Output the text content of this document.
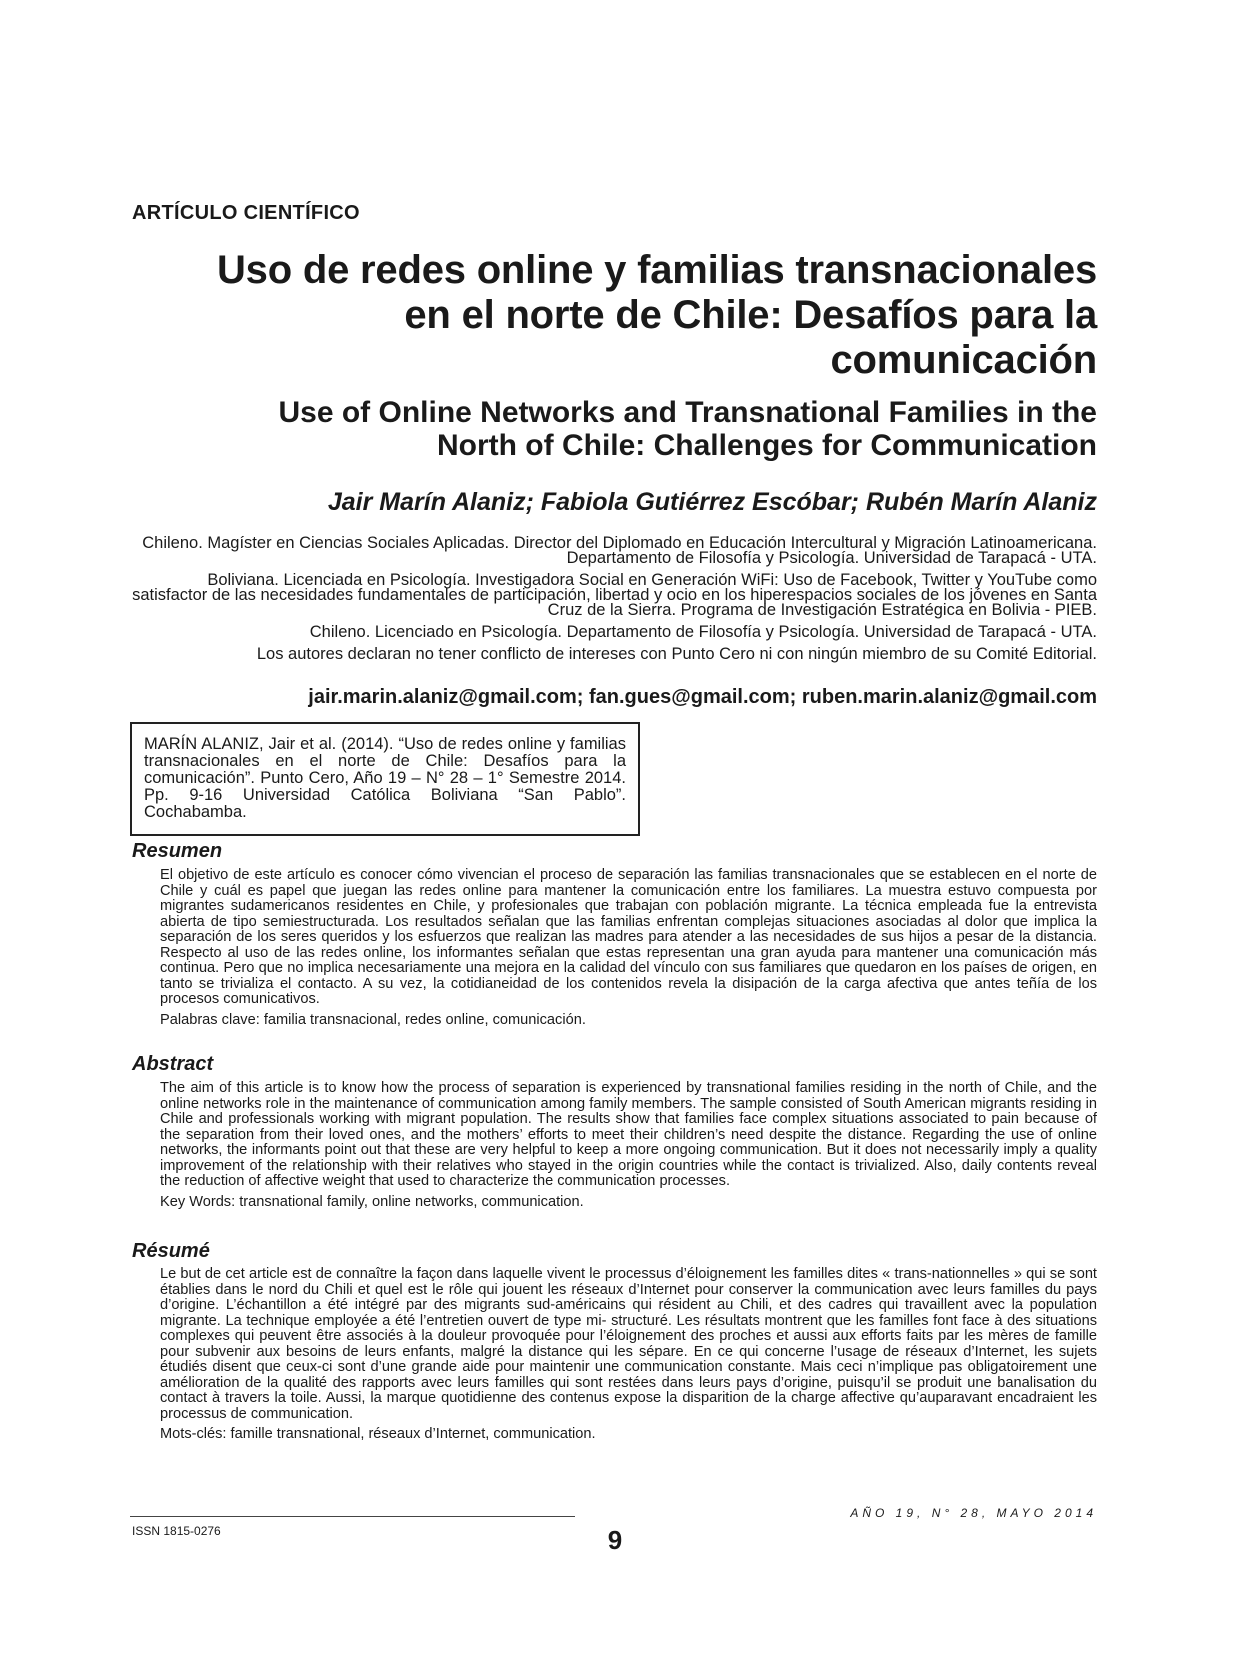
ARTÍCULO CIENTÍFICO
Uso de redes online y familias transnacionales
en el norte de Chile: Desafíos para la
comunicación
Use of Online Networks and Transnational Families in the
North of Chile: Challenges for Communication
Jair Marín Alaniz; Fabiola Gutiérrez Escóbar; Rubén Marín Alaniz

Chileno. Magíster en Ciencias Sociales Aplicadas. Director del Diplomado en Educación Intercultural y Migración Latinoamericana. Departamento de Filosofía y Psicología. Universidad de Tarapacá - UTA.

Boliviana. Licenciada en Psicología. Investigadora Social en Generación WiFi: Uso de Facebook, Twitter y YouTube como satisfactor de las necesidades fundamentales de participación, libertad y ocio en los hiperespacios sociales de los jóvenes en Santa Cruz de la Sierra. Programa de Investigación Estratégica en Bolivia - PIEB.

Chileno. Licenciado en Psicología. Departamento de Filosofía y Psicología. Universidad de Tarapacá - UTA.

Los autores declaran no tener conflicto de intereses con Punto Cero ni con ningún miembro de su Comité Editorial.

jair.marin.alaniz@gmail.com; fan.gues@gmail.com; ruben.marin.alaniz@gmail.com

MARÍN ALANIZ, Jair et al. (2014). “Uso de redes online y familias transnacionales en el norte de Chile: Desafíos para la comunicación”. Punto Cero, Año 19 – N° 28 – 1° Semestre 2014. Pp. 9-16 Universidad Católica Boliviana “San Pablo”. Cochabamba.

Resumen

El objetivo de este artículo es conocer cómo vivencian el proceso de separación las familias transnacionales que se establecen en el norte de Chile y cuál es papel que juegan las redes online para mantener la comunicación entre los familiares. La muestra estuvo compuesta por migrantes sudamericanos residentes en Chile, y profesionales que trabajan con población migrante. La técnica empleada fue la entrevista abierta de tipo semiestructurada. Los resultados señalan que las familias enfrentan complejas situaciones asociadas al dolor que implica la separación de los seres queridos y los esfuerzos que realizan las madres para atender a las necesidades de sus hijos a pesar de la distancia. Respecto al uso de las redes online, los informantes señalan que estas representan una gran ayuda para mantener una comunicación más continua. Pero que no implica necesariamente una mejora en la calidad del vínculo con sus familiares que quedaron en los países de origen, en tanto se trivializa el contacto. A su vez, la cotidianeidad de los contenidos revela la disipación de la carga afectiva que antes teñía de los procesos comunicativos.

Palabras clave: familia transnacional, redes online, comunicación.

Abstract

The aim of this article is to know how the process of separation is experienced by transnational families residing in the north of Chile, and the online networks role in the maintenance of communication among family members. The sample consisted of South American migrants residing in Chile and professionals working with migrant population. The results show that families face complex situations associated to pain because of the separation from their loved ones, and the mothers’ efforts to meet their children’s need despite the distance. Regarding the use of online networks, the informants point out that these are very helpful to keep a more ongoing communication. But it does not necessarily imply a quality improvement of the relationship with their relatives who stayed in the origin countries while the contact is trivialized. Also, daily contents reveal the reduction of affective weight that used to characterize the communication processes.

Key Words: transnational family, online networks, communication.

Résumé

Le but de cet article est de connaître la façon dans laquelle vivent le processus d’éloignement les familles dites « trans-nationnelles » qui se sont établies dans le nord du Chili et quel est le rôle qui jouent les réseaux d’Internet pour conserver la communication avec leurs familles du pays d’origine. L’échantillon a été intégré par des migrants sud-américains qui résident au Chili, et des cadres qui travaillent avec la population migrante. La technique employée a été l’entretien ouvert de type mi- structuré. Les résultats montrent que les familles font face à des situations complexes qui peuvent être associés à la douleur provoquée pour l’éloignement des proches et aussi aux efforts faits par les mères de famille pour subvenir aux besoins de leurs enfants, malgré la distance qui les sépare. En ce qui concerne l’usage de réseaux d’Internet, les sujets étudiés disent que ceux-ci sont d’une grande aide pour maintenir une communication constante. Mais ceci n’implique pas obligatoirement une amélioration de la qualité des rapports avec leurs familles qui sont restées dans leurs pays d’origine, puisqu’il se produit une banalisation du contact à travers la toile. Aussi, la marque quotidienne des contenus expose la disparition de la charge affective qu’auparavant encadraient les processus de communication.

Mots-clés: famille transnational, réseaux d’Internet, communication.

ISSN 1815-0276	9
AÑO 19, N° 28, MAYO 2014
